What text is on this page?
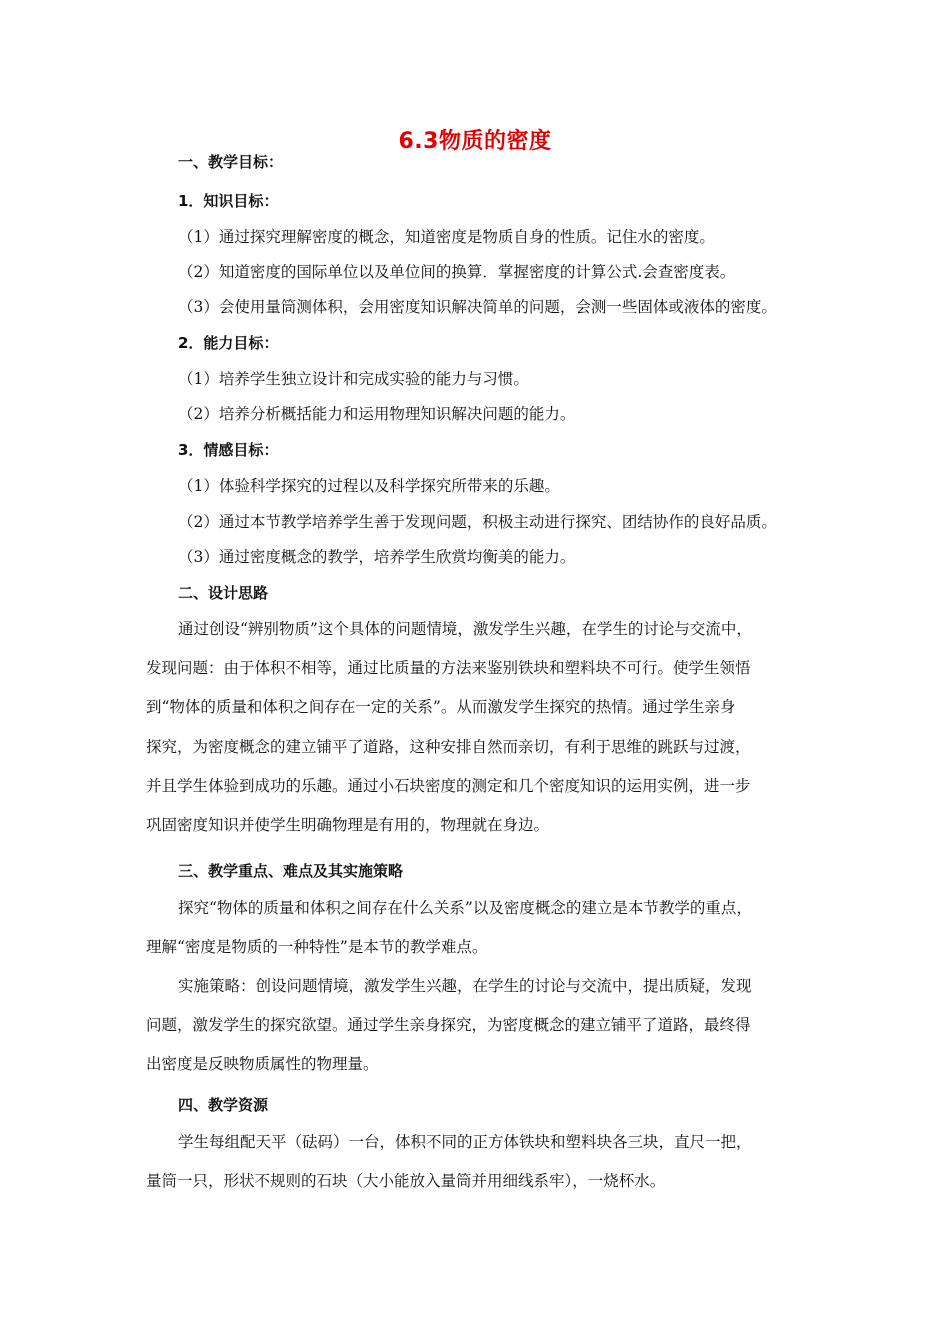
6.3物质的密度
一、教学目标：
1．知识目标：
（1）通过探究理解密度的概念，知道密度是物质自身的性质。记住水的密度。
（2）知道密度的国际单位以及单位间的换算．掌握密度的计算公式.会查密度表。
（3）会使用量筒测体积，会用密度知识解决简单的问题，会测一些固体或液体的密度。
2．能力目标：
（1）培养学生独立设计和完成实验的能力与习惯。
（2）培养分析概括能力和运用物理知识解决问题的能力。
3．情感目标：
（1）体验科学探究的过程以及科学探究所带来的乐趣。
（2）通过本节教学培养学生善于发现问题，积极主动进行探究、团结协作的良好品质。
（3）通过密度概念的教学，培养学生欣赏均衡美的能力。
二、设计思路
通过创设“辨别物质”这个具体的问题情境，激发学生兴趣，在学生的讨论与交流中，
发现问题：由于体积不相等，通过比质量的方法来鉴别铁块和塑料块不可行。使学生领悟
到“物体的质量和体积之间存在一定的关系”。从而激发学生探究的热情。通过学生亲身
探究，为密度概念的建立铺平了道路，这种安排自然而亲切，有利于思维的跳跃与过渡，
并且学生体验到成功的乐趣。通过小石块密度的测定和几个密度知识的运用实例，进一步
巩固密度知识并使学生明确物理是有用的，物理就在身边。
三、教学重点、难点及其实施策略
探究“物体的质量和体积之间存在什么关系”以及密度概念的建立是本节教学的重点，
理解“密度是物质的一种特性”是本节的教学难点。
实施策略：创设问题情境，激发学生兴趣，在学生的讨论与交流中，提出质疑，发现
问题，激发学生的探究欲望。通过学生亲身探究，为密度概念的建立铺平了道路，最终得
出密度是反映物质属性的物理量。
四、教学资源
学生每组配天平（砝码）一台，体积不同的正方体铁块和塑料块各三块，直尺一把，
量筒一只，形状不规则的石块（大小能放入量筒并用细线系牢），一烧杯水。
